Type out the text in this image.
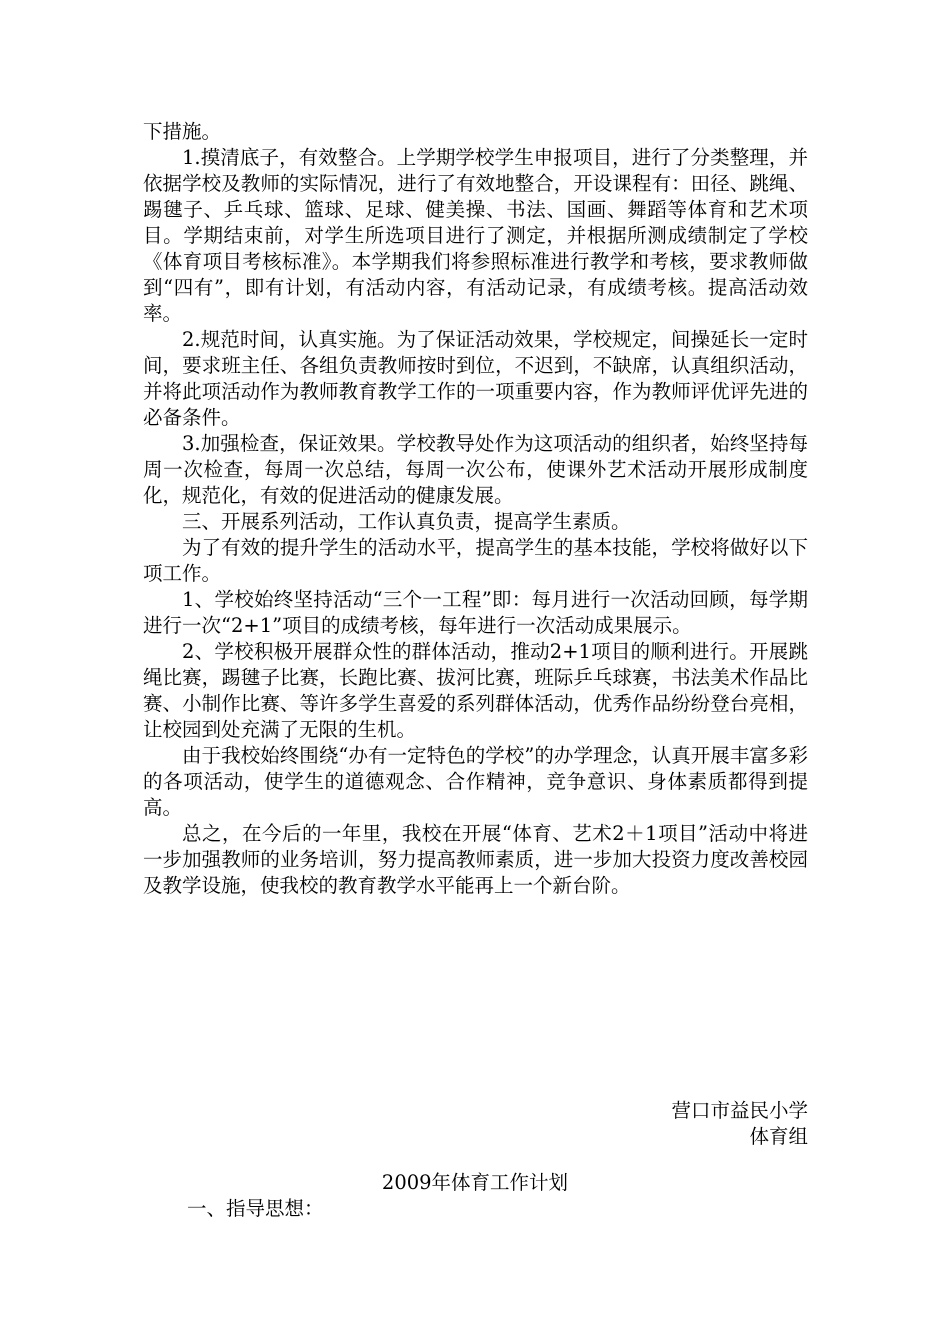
下措施。

1.摸清底子，有效整合。上学期学校学生申报项目，进行了分类整理，并依据学校及教师的实际情况，进行了有效地整合，开设课程有：田径、跳绳、踢毽子、乒乓球、篮球、足球、健美操、书法、国画、舞蹈等体育和艺术项目。学期结束前，对学生所选项目进行了测定，并根据所测成绩制定了学校《体育项目考核标准》。本学期我们将参照标准进行教学和考核，要求教师做到“四有”，即有计划，有活动内容，有活动记录，有成绩考核。提高活动效率。

2.规范时间，认真实施。为了保证活动效果，学校规定，间操延长一定时间，要求班主任、各组负责教师按时到位，不迟到，不缺席，认真组织活动，并将此项活动作为教师教育教学工作的一项重要内容，作为教师评优评先进的必备条件。

3.加强检查，保证效果。学校教导处作为这项活动的组织者，始终坚持每周一次检查，每周一次总结，每周一次公布，使课外艺术活动开展形成制度化，规范化，有效的促进活动的健康发展。

三、开展系列活动，工作认真负责，提高学生素质。

为了有效的提升学生的活动水平，提高学生的基本技能，学校将做好以下项工作。

1、学校始终坚持活动“三个一工程”即：每月进行一次活动回顾，每学期进行一次“2+1”项目的成绩考核，每年进行一次活动成果展示。

2、学校积极开展群众性的群体活动，推动2+1项目的顺利进行。开展跳绳比赛，踢毽子比赛，长跑比赛、拔河比赛，班际乒乓球赛，书法美术作品比赛、小制作比赛、等许多学生喜爱的系列群体活动，优秀作品纷纷登台亮相，让校园到处充满了无限的生机。

由于我校始终围绕“办有一定特色的学校”的办学理念，认真开展丰富多彩的各项活动，使学生的道德观念、合作精神，竞争意识、身体素质都得到提高。

总之，在今后的一年里，我校在开展“体育、艺术2＋1项目”活动中将进一步加强教师的业务培训，努力提高教师素质，进一步加大投资力度改善校园及教学设施，使我校的教育教学水平能再上一个新台阶。

营口市益民小学
体育组
2009年体育工作计划
一、指导思想：
